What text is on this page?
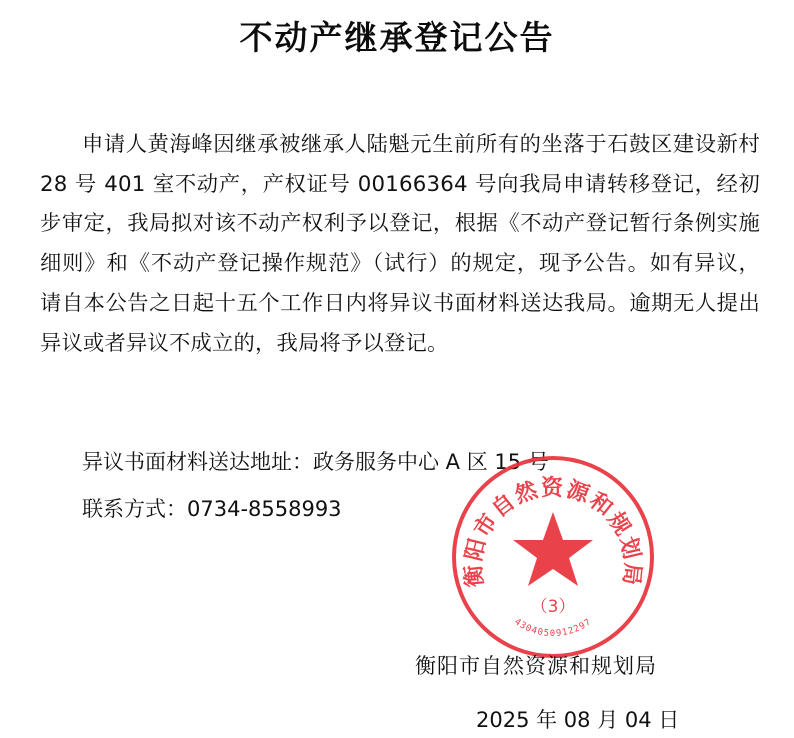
不动产继承登记公告
申请人黄海峰因继承被继承人陆魁元生前所有的坐落于石鼓区建设新村 28 号 401 室不动产，产权证号 00166364 号向我局申请转移登记，经初步审定，我局拟对该不动产权利予以登记，根据《不动产登记暂行条例实施细则》和《不动产登记操作规范》（试行）的规定，现予公告。如有异议，请自本公告之日起十五个工作日内将异议书面材料送达我局。逾期无人提出异议或者异议不成立的，我局将予以登记。
异议书面材料送达地址：政务服务中心 A 区 15 号
联系方式：0734-8558993
衡阳市自然资源和规划局
（3）
4304050912297
衡阳市自然资源和规划局
2025 年 08 月 04 日
